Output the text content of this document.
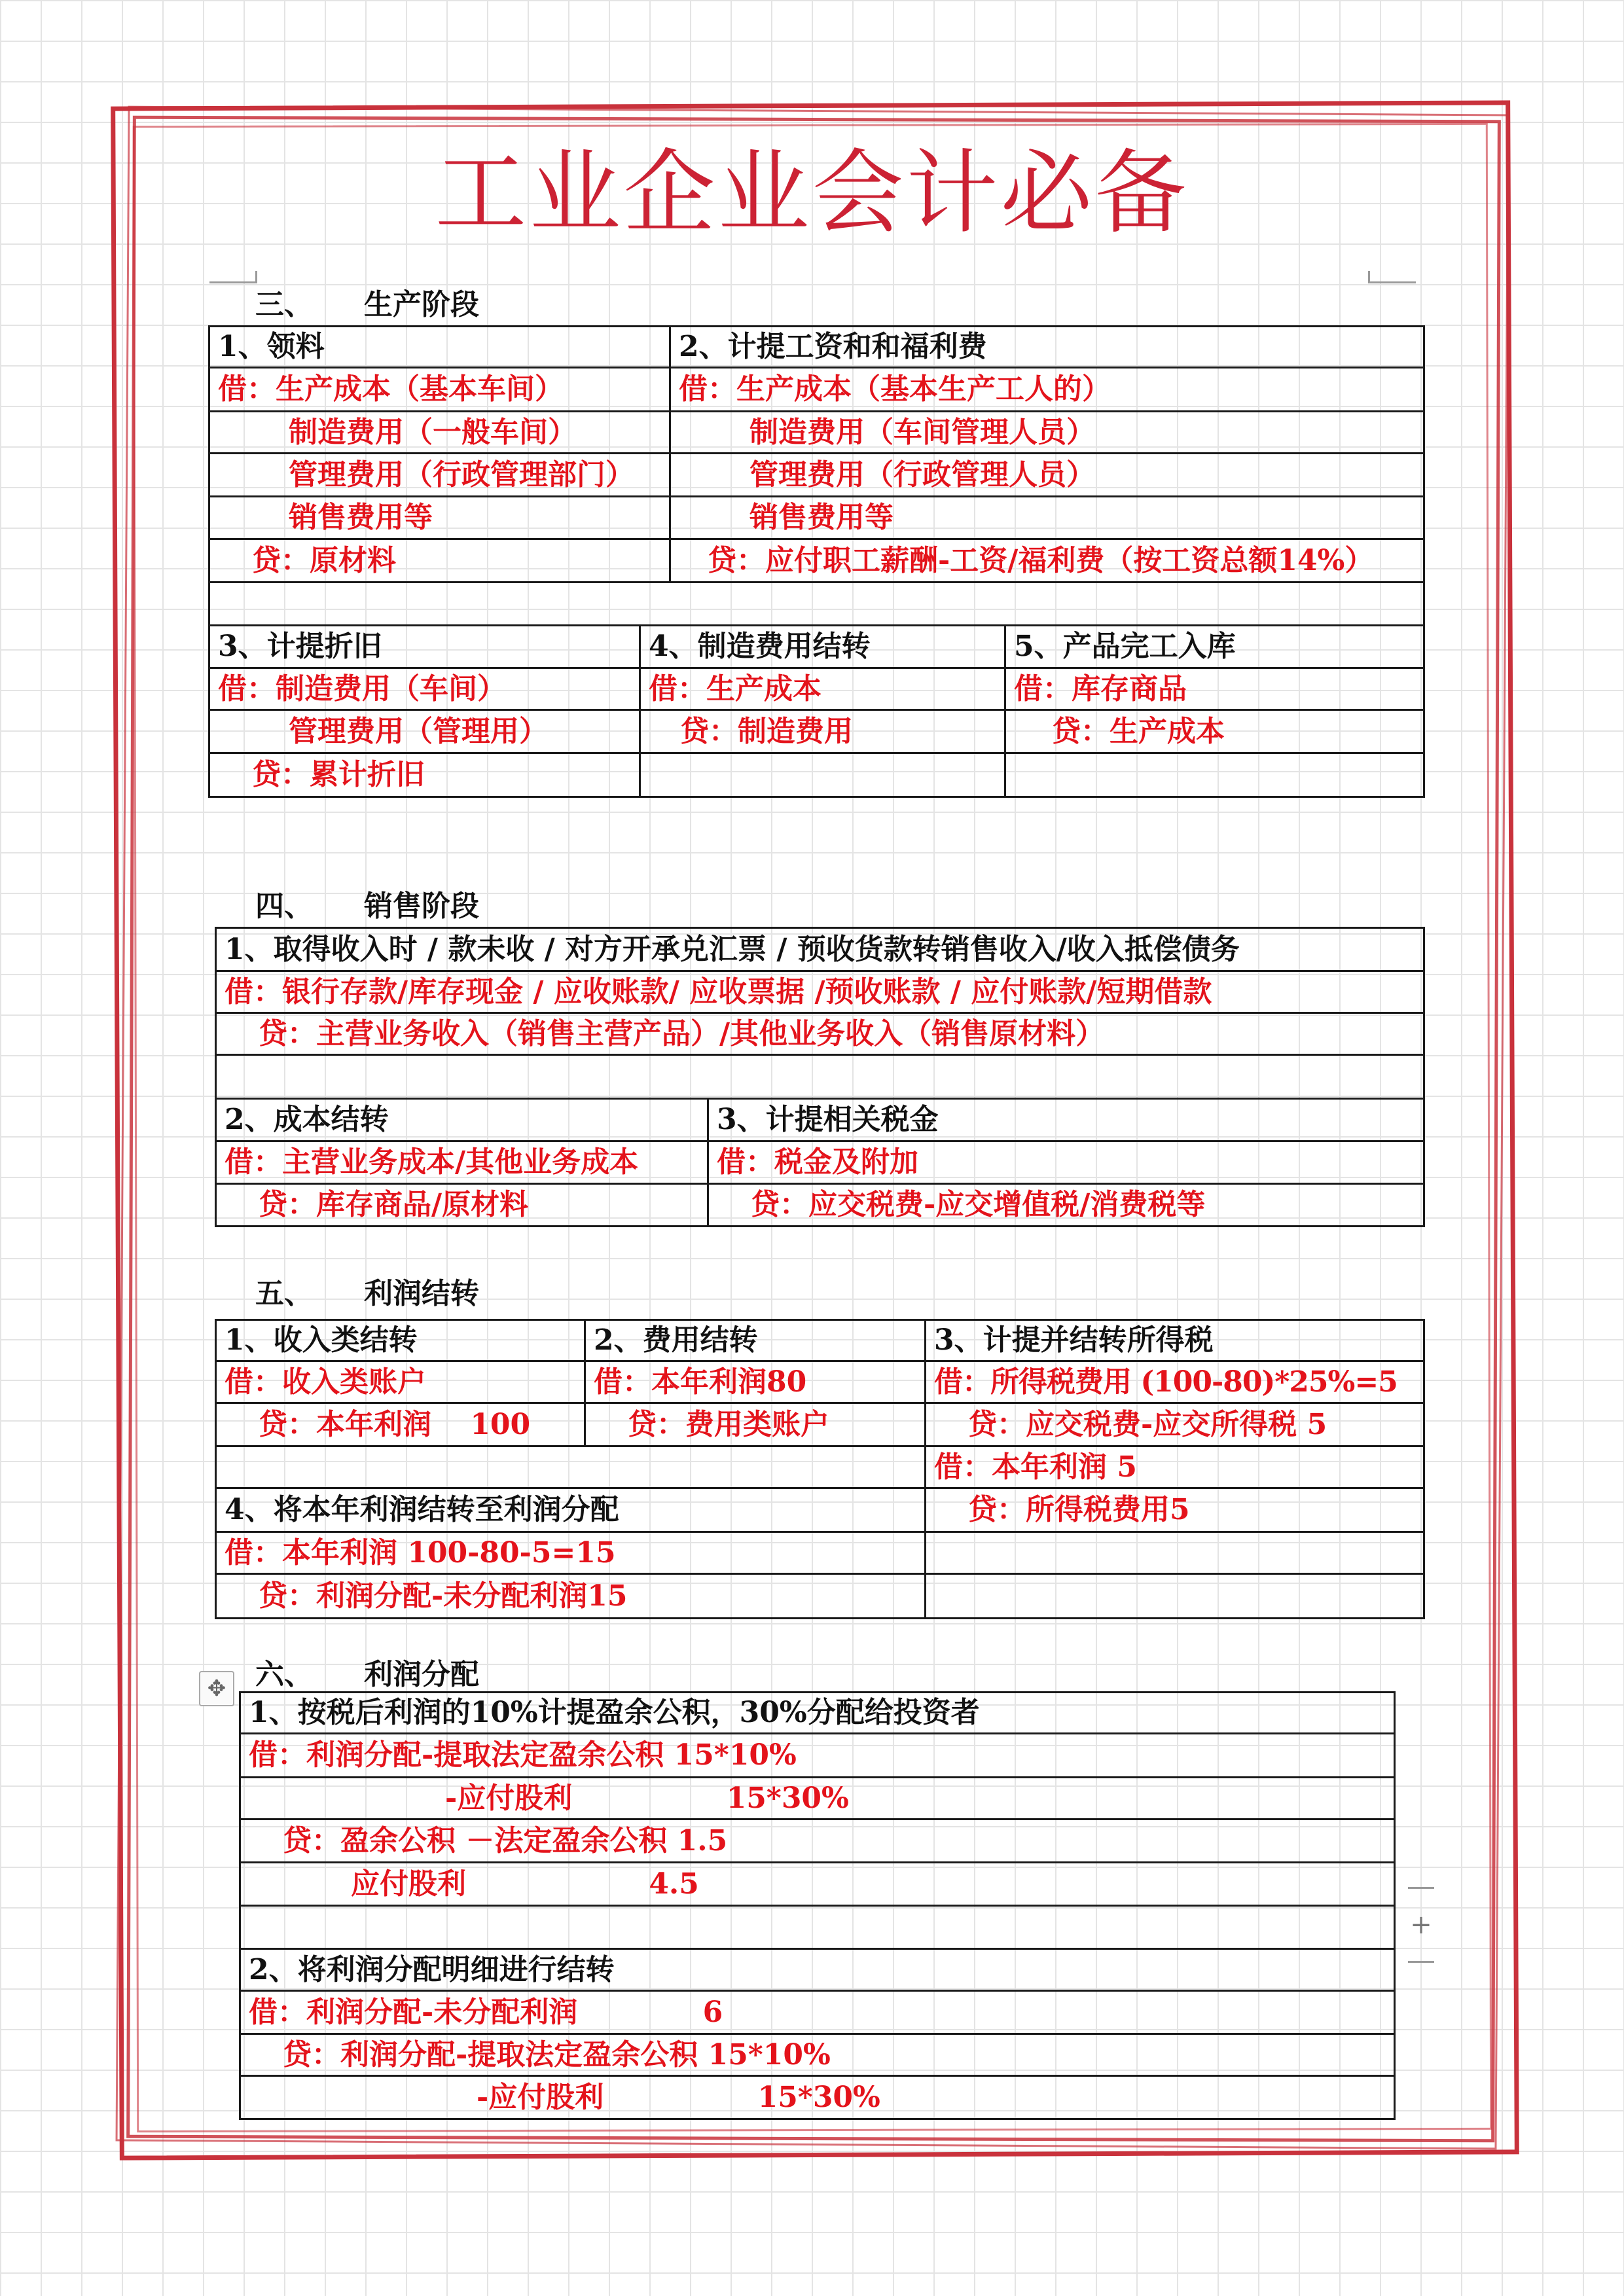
工业企业会计必备
三、 生产阶段
1、领料	2、计提工资和和福利费
借：生产成本（基本车间）	借：生产成本（基本生产工人的）
制造费用（一般车间）	制造费用（车间管理人员）
管理费用（行政管理部门）	管理费用（行政管理人员）
销售费用等	销售费用等
贷：原材料	贷：应付职工薪酬-工资/福利费（按工资总额14%）

3、计提折旧	4、制造费用结转	5、产品完工入库
借：制造费用（车间）	借：生产成本	借：库存商品
管理费用（管理用）	贷：制造费用	贷：生产成本
贷：累计折旧		
四、 销售阶段
1、取得收入时 / 款未收 / 对方开承兑汇票 / 预收货款转销售收入/收入抵偿债务
借：银行存款/库存现金 / 应收账款/ 应收票据 /预收账款 / 应付账款/短期借款
贷：主营业务收入（销售主营产品）/其他业务收入（销售原材料）

2、成本结转	3、计提相关税金
借：主营业务成本/其他业务成本	借：税金及附加
贷：库存商品/原材料	贷：应交税费-应交增值税/消费税等
五、 利润结转
1、收入类结转	2、费用结转	3、计提并结转所得税
借：收入类账户	借：本年利润80	借：所得税费用 (100-80)*25%=5
贷：本年利润　 100	贷：费用类账户	贷：应交税费-应交所得税 5
		借：本年利润 5
4、将本年利润结转至利润分配		贷：所得税费用5
借：本年利润 100-80-5=15		
贷：利润分配-未分配利润15		
六、 利润分配
1、按税后利润的10%计提盈余公积，30%分配给投资者
借：利润分配-提取法定盈余公积 15*10%
-应付股利　　　　　 15*30%
贷：盈余公积 －法定盈余公积 1.5
应付股利　　　　　　 4.5

2、将利润分配明细进行结转
借：利润分配-未分配利润　　　　 6
贷：利润分配-提取法定盈余公积 15*10%
-应付股利　　　　　 15*30%
✥
+
